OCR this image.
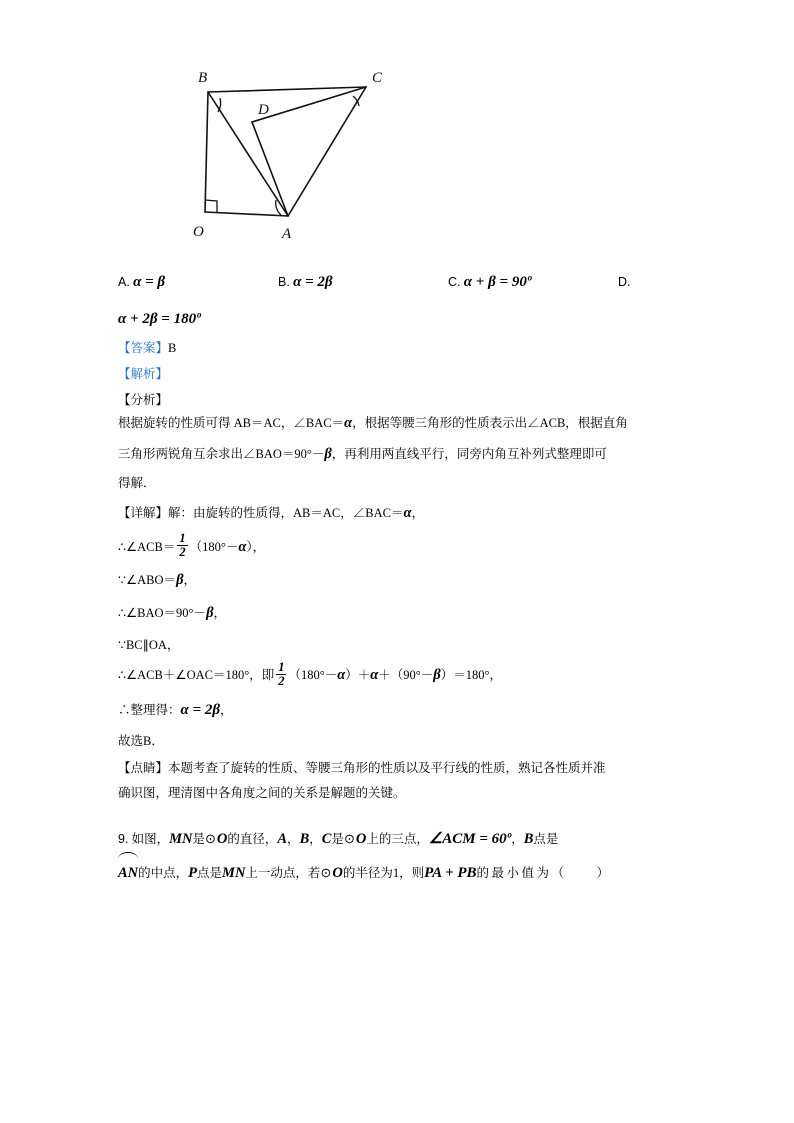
B	C
D
O	A
A. α = β	B. α = 2β	C. α + β = 90º	D.
α + 2β = 180º
【答案】B
【解析】
【分析】
根据旋转的性质可得 AB＝AC，∠BAC＝α，根据等腰三角形的性质表示出∠ACB，根据直角
三角形两锐角互余求出∠BAO＝90°－β，再利用两直线平行，同旁内角互补列式整理即可
得解．
【详解】解：由旋转的性质得，AB＝AC，∠BAC＝α，
∴∠ACB＝ $\frac{1}{2} (180^\circ-\alpha)$，
∵∠ABO＝β，
∴∠BAO＝90°－β，
∵BC∥OA，
∴∠ACB＋∠OAC＝180°，即 $\frac{1}{2} (180^\circ-\alpha)+\alpha+(90^\circ-\beta)=180^\circ$，
∴整理得：α = 2β，
故选B．
【点睛】本题考查了旋转的性质、等腰三角形的性质以及平行线的性质，熟记各性质并准
确识图，理清图中各角度之间的关系是解题的关键。
9. 如图，MN是 ⊙ O的直径，A，B，C是 ⊙ O上的三点，∠ACM = 60º，B点是
AN的中点，P点是MN上一动点，若 ⊙ O的半径为1，则PA + PB的最小值为（　　）
